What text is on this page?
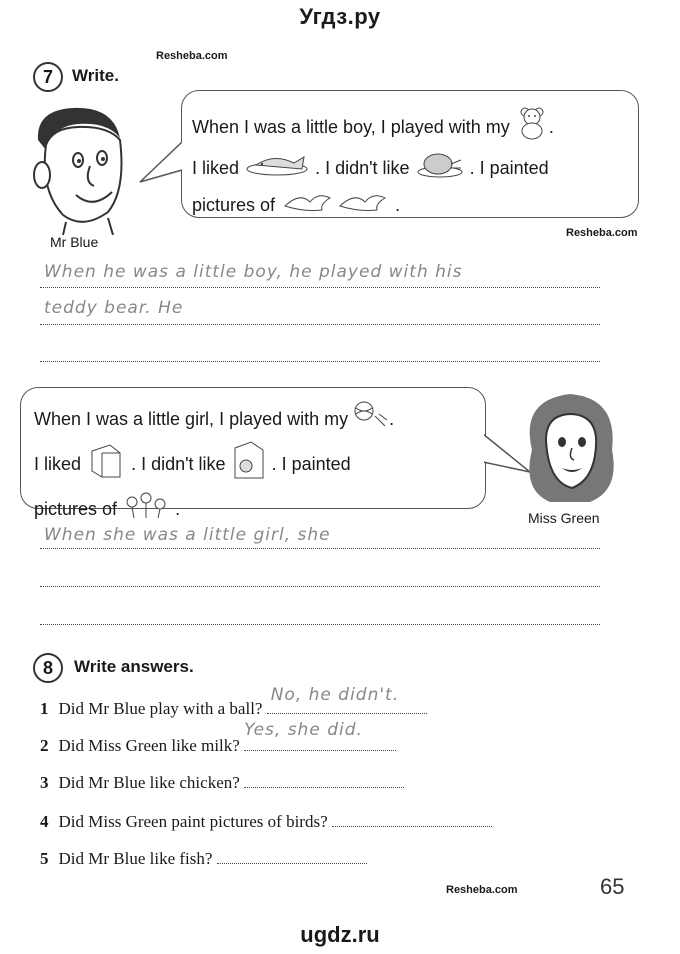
Угдз.ру
Resheba.com
Resheba.com
Resheba.com
7	Write.
Mr Blue
When I was a little boy, I played with my .
I liked	. I didn't like	. I painted
pictures of	.
When he was a little boy, he played with his
teddy bear. He
When I was a little girl, I played with my .
I liked	. I didn't like	. I painted
pictures of	.	Miss Green
When she was a little girl, she
8	Write answers.
1 Did Mr Blue play with a ball?
No, he didn't.
2 Did Miss Green like milk?
Yes, she did.
3 Did Mr Blue like chicken?
4 Did Miss Green paint pictures of birds?
5 Did Mr Blue like fish?
65
ugdz.ru
